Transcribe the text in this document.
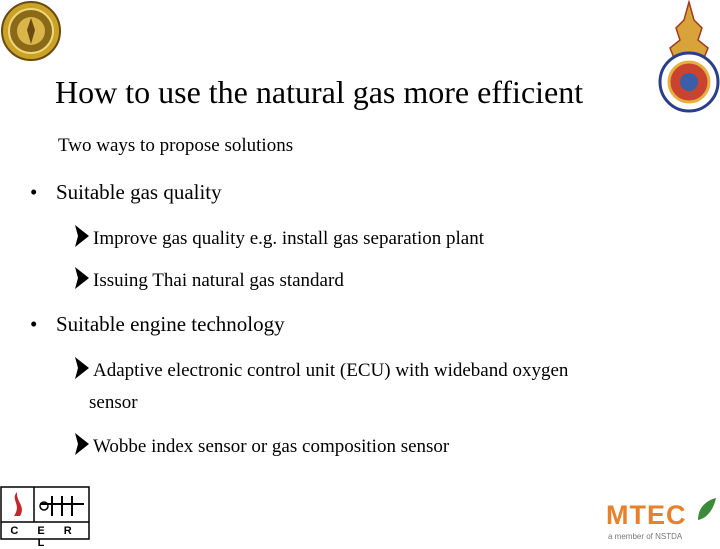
How to use the natural gas more efficient
Two ways to propose solutions
• Suitable gas quality
Improve gas quality e.g. install gas separation plant
Issuing Thai natural gas standard
• Suitable engine technology
Adaptive electronic control unit (ECU) with wideband oxygen
sensor
Wobbe index sensor or gas composition sensor
C E R L
MTEC
a member of NSTDA
